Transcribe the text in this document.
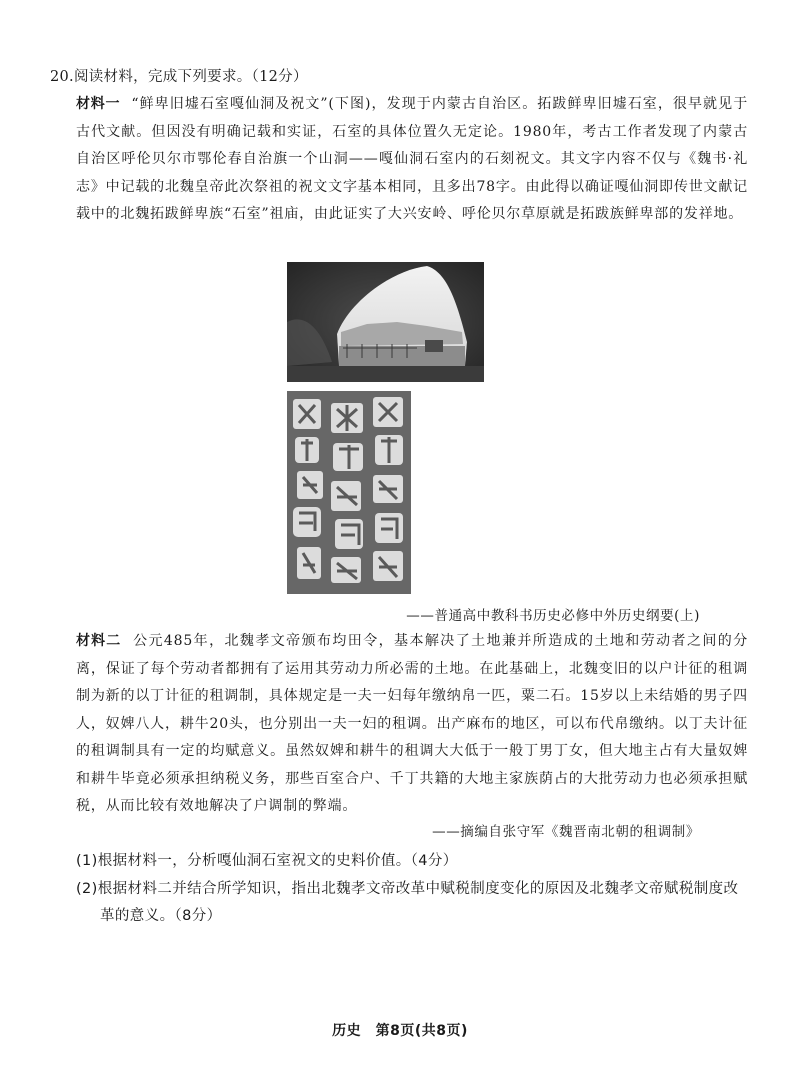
20.阅读材料，完成下列要求。（12分）
材料一 “鲜卑旧墟石室嘎仙洞及祝文”(下图)，发现于内蒙古自治区。拓跋鲜卑旧墟石室，很早就见于古代文献。但因没有明确记载和实证，石室的具体位置久无定论。1980年，考古工作者发现了内蒙古自治区呼伦贝尔市鄂伦春自治旗一个山洞——嘎仙洞石室内的石刻祝文。其文字内容不仅与《魏书·礼志》中记载的北魏皇帝此次祭祖的祝文文字基本相同，且多出78字。由此得以确证嘎仙洞即传世文献记载中的北魏拓跋鲜卑族“石室”祖庙，由此证实了大兴安岭、呼伦贝尔草原就是拓跋族鲜卑部的发祥地。
——普通高中教科书历史必修中外历史纲要(上)
材料二 公元485年，北魏孝文帝颁布均田令，基本解决了土地兼并所造成的土地和劳动者之间的分离，保证了每个劳动者都拥有了运用其劳动力所必需的土地。在此基础上，北魏变旧的以户计征的租调制为新的以丁计征的租调制，具体规定是一夫一妇每年缴纳帛一匹，粟二石。15岁以上未结婚的男子四人，奴婢八人，耕牛20头，也分别出一夫一妇的租调。出产麻布的地区，可以布代帛缴纳。以丁夫计征的租调制具有一定的均赋意义。虽然奴婢和耕牛的租调大大低于一般丁男丁女，但大地主占有大量奴婢和耕牛毕竟必须承担纳税义务，那些百室合户、千丁共籍的大地主家族荫占的大批劳动力也必须承担赋税，从而比较有效地解决了户调制的弊端。
——摘编自张守军《魏晋南北朝的租调制》
(1)根据材料一，分析嘎仙洞石室祝文的史料价值。（4分）
(2)根据材料二并结合所学知识，指出北魏孝文帝改革中赋税制度变化的原因及北魏孝文帝赋税制度改革的意义。（8分）
历史　第8页(共8页)
